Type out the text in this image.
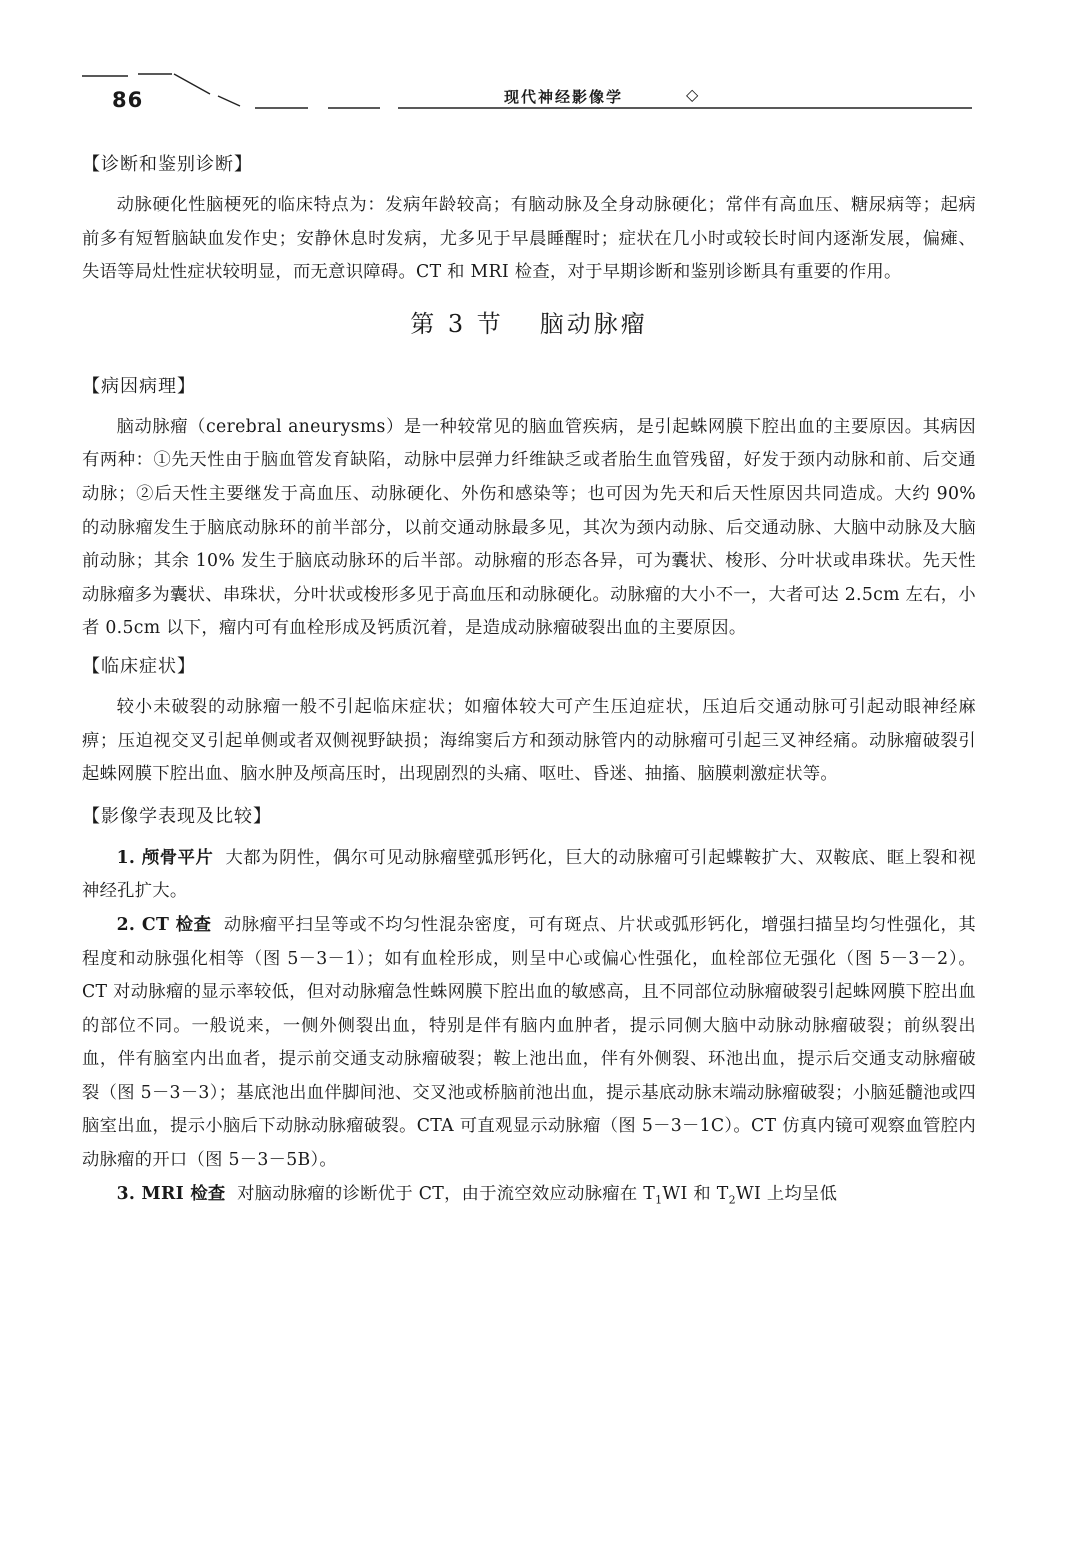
86	现代神经影像学	◇

【诊断和鉴别诊断】

动脉硬化性脑梗死的临床特点为：发病年龄较高；有脑动脉及全身动脉硬化；常伴有高血压、糖尿病等；起病前多有短暂脑缺血发作史；安静休息时发病，尤多见于早晨睡醒时；症状在几小时或较长时间内逐渐发展，偏瘫、失语等局灶性症状较明显，而无意识障碍。CT 和 MRI 检查，对于早期诊断和鉴别诊断具有重要的作用。

第 3 节 脑动脉瘤

【病因病理】

脑动脉瘤（cerebral aneurysms）是一种较常见的脑血管疾病，是引起蛛网膜下腔出血的主要原因。其病因有两种：①先天性由于脑血管发育缺陷，动脉中层弹力纤维缺乏或者胎生血管残留，好发于颈内动脉和前、后交通动脉；②后天性主要继发于高血压、动脉硬化、外伤和感染等；也可因为先天和后天性原因共同造成。大约 90% 的动脉瘤发生于脑底动脉环的前半部分，以前交通动脉最多见，其次为颈内动脉、后交通动脉、大脑中动脉及大脑前动脉；其余 10% 发生于脑底动脉环的后半部。动脉瘤的形态各异，可为囊状、梭形、分叶状或串珠状。先天性动脉瘤多为囊状、串珠状，分叶状或梭形多见于高血压和动脉硬化。动脉瘤的大小不一，大者可达 2.5cm 左右，小者 0.5cm 以下，瘤内可有血栓形成及钙质沉着，是造成动脉瘤破裂出血的主要原因。

【临床症状】

较小未破裂的动脉瘤一般不引起临床症状；如瘤体较大可产生压迫症状，压迫后交通动脉可引起动眼神经麻痹；压迫视交叉引起单侧或者双侧视野缺损；海绵窦后方和颈动脉管内的动脉瘤可引起三叉神经痛。动脉瘤破裂引起蛛网膜下腔出血、脑水肿及颅高压时，出现剧烈的头痛、呕吐、昏迷、抽搐、脑膜刺激症状等。

【影像学表现及比较】

1. 颅骨平片 大都为阴性，偶尔可见动脉瘤壁弧形钙化，巨大的动脉瘤可引起蝶鞍扩大、双鞍底、眶上裂和视神经孔扩大。

2. CT 检查 动脉瘤平扫呈等或不均匀性混杂密度，可有斑点、片状或弧形钙化，增强扫描呈均匀性强化，其程度和动脉强化相等（图 5－3－1）；如有血栓形成，则呈中心或偏心性强化，血栓部位无强化（图 5－3－2）。CT 对动脉瘤的显示率较低，但对动脉瘤急性蛛网膜下腔出血的敏感高，且不同部位动脉瘤破裂引起蛛网膜下腔出血的部位不同。一般说来，一侧外侧裂出血，特别是伴有脑内血肿者，提示同侧大脑中动脉动脉瘤破裂；前纵裂出血，伴有脑室内出血者，提示前交通支动脉瘤破裂；鞍上池出血，伴有外侧裂、环池出血，提示后交通支动脉瘤破裂（图 5－3－3）；基底池出血伴脚间池、交叉池或桥脑前池出血，提示基底动脉末端动脉瘤破裂；小脑延髓池或四脑室出血，提示小脑后下动脉动脉瘤破裂。CTA 可直观显示动脉瘤（图 5－3－1C）。CT 仿真内镜可观察血管腔内动脉瘤的开口（图 5－3－5B）。

3. MRI 检查 对脑动脉瘤的诊断优于 CT，由于流空效应动脉瘤在 $T_1WI$ 和 $T_2WI$ 上均呈低
